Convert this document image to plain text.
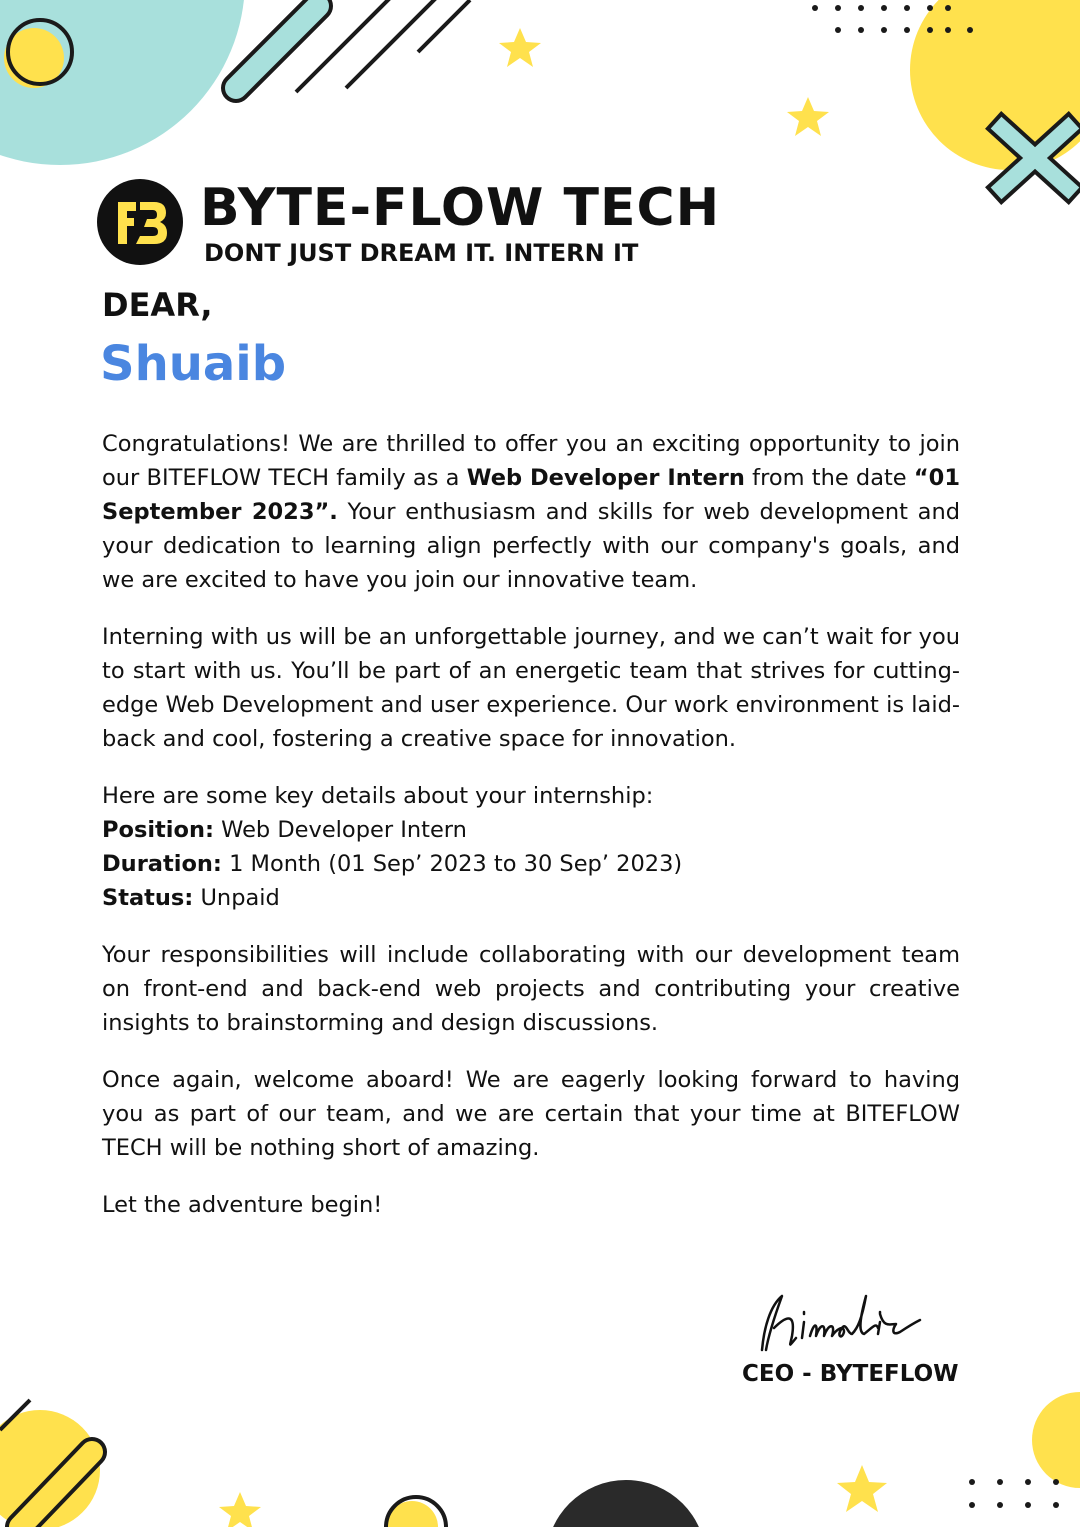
BYTE-FLOW TECH
DONT JUST DREAM IT. INTERN IT
DEAR,
Shuaib

Congratulations! We are thrilled to offer you an exciting opportunity to join our BITEFLOW TECH family as a Web Developer Intern from the date “01 September 2023”. Your enthusiasm and skills for web development and your dedication to learning align perfectly with our company's goals, and we are excited to have you join our innovative team.

Interning with us will be an unforgettable journey, and we can’t wait for you to start with us. You’ll be part of an energetic team that strives for cutting-edge Web Development and user experience. Our work environment is laid-back and cool, fostering a creative space for innovation.

Here are some key details about your internship:
Position: Web Developer Intern
Duration: 1 Month (01 Sep’ 2023 to 30 Sep’ 2023)
Status: Unpaid

Your responsibilities will include collaborating with our development team on front-end and back-end web projects and contributing your creative insights to brainstorming and design discussions.

Once again, welcome aboard! We are eagerly looking forward to having you as part of our team, and we are certain that your time at BITEFLOW TECH will be nothing short of amazing.

Let the adventure begin!

CEO - BYTEFLOW
